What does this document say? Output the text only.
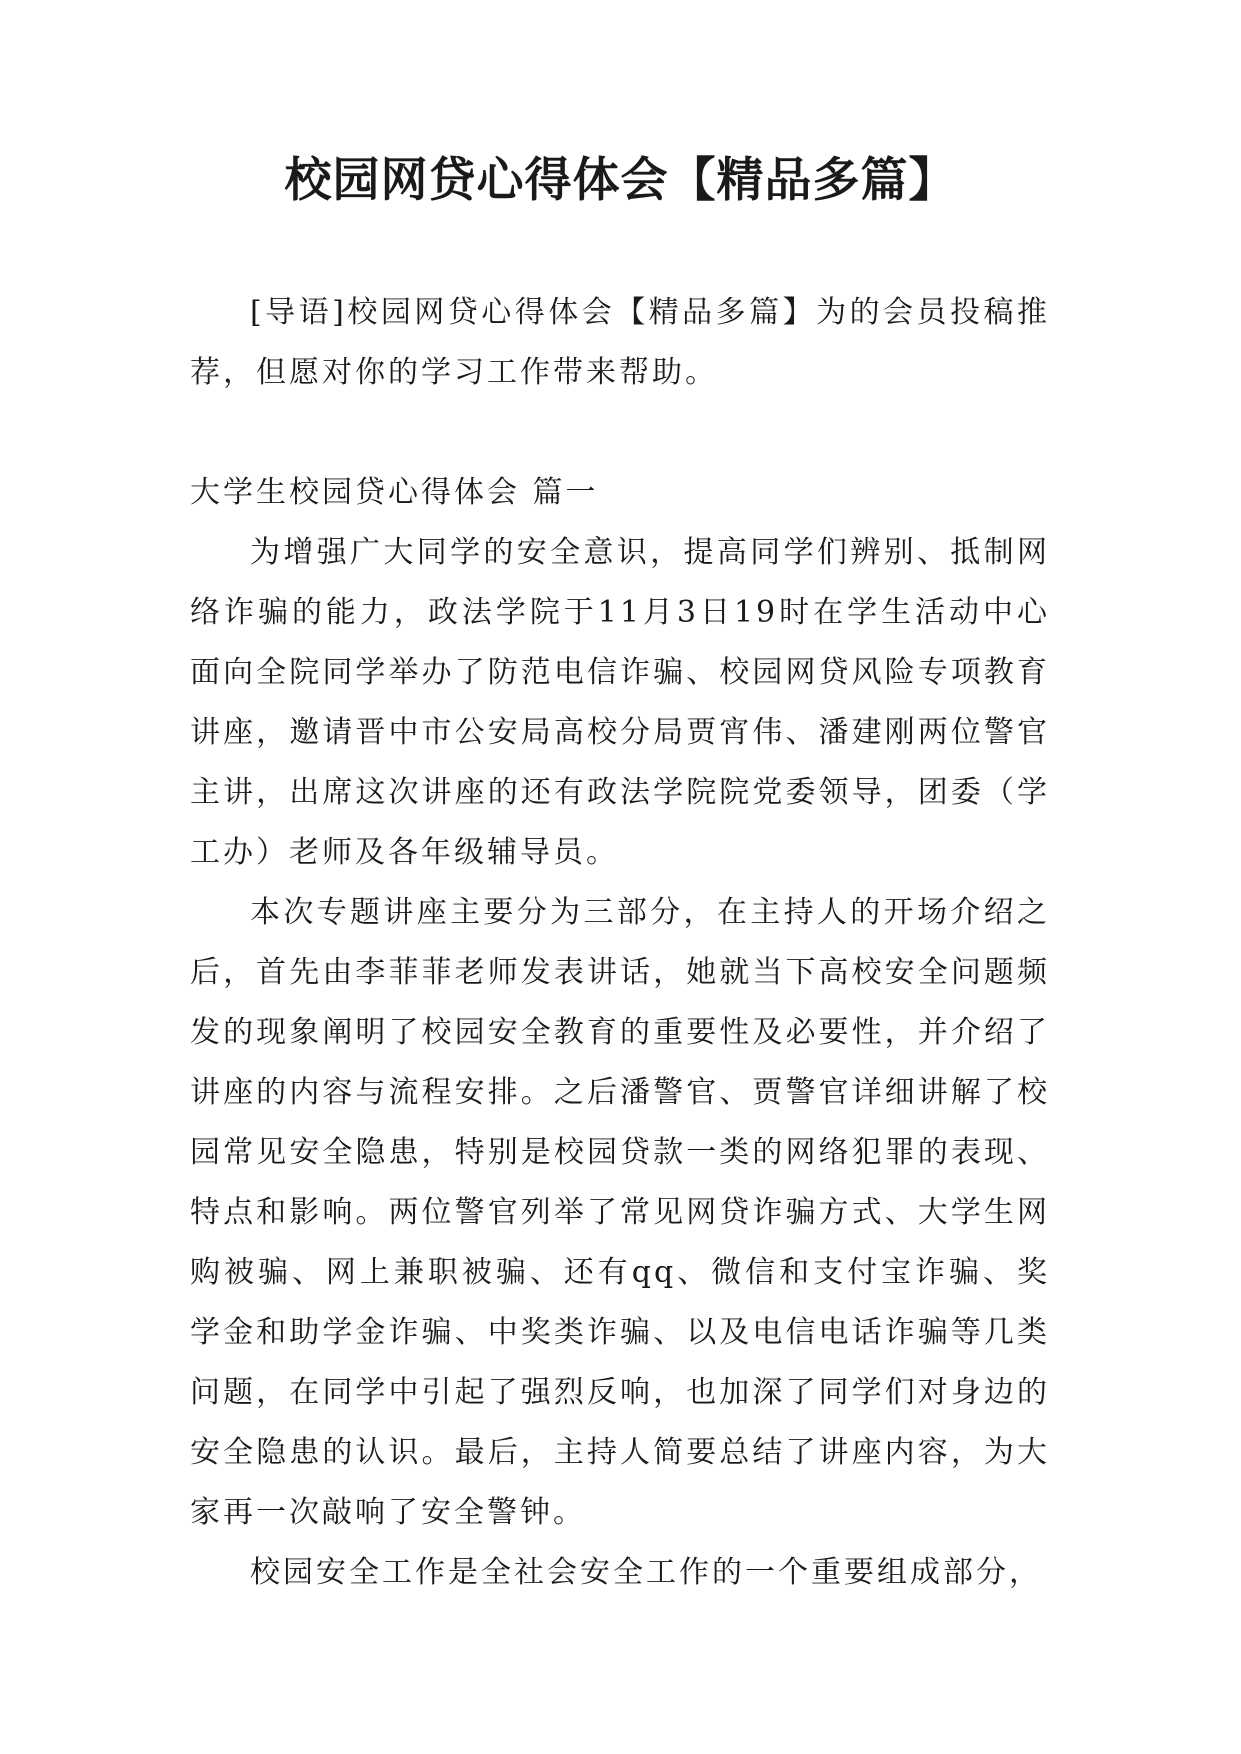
校园网贷心得体会【精品多篇】

[导语]校园网贷心得体会【精品多篇】为的会员投稿推荐，但愿对你的学习工作带来帮助。

大学生校园贷心得体会 篇一

为增强广大同学的安全意识，提高同学们辨别、抵制网络诈骗的能力，政法学院于11月3日19时在学生活动中心面向全院同学举办了防范电信诈骗、校园网贷风险专项教育讲座，邀请晋中市公安局高校分局贾宵伟、潘建刚两位警官主讲，出席这次讲座的还有政法学院院党委领导，团委（学工办）老师及各年级辅导员。

本次专题讲座主要分为三部分，在主持人的开场介绍之后，首先由李菲菲老师发表讲话，她就当下高校安全问题频发的现象阐明了校园安全教育的重要性及必要性，并介绍了讲座的内容与流程安排。之后潘警官、贾警官详细讲解了校园常见安全隐患，特别是校园贷款一类的网络犯罪的表现、特点和影响。两位警官列举了常见网贷诈骗方式、大学生网购被骗、网上兼职被骗、还有qq、微信和支付宝诈骗、奖学金和助学金诈骗、中奖类诈骗、以及电信电话诈骗等几类问题，在同学中引起了强烈反响，也加深了同学们对身边的安全隐患的认识。最后，主持人简要总结了讲座内容，为大家再一次敲响了安全警钟。

校园安全工作是全社会安全工作的一个重要组成部分，
